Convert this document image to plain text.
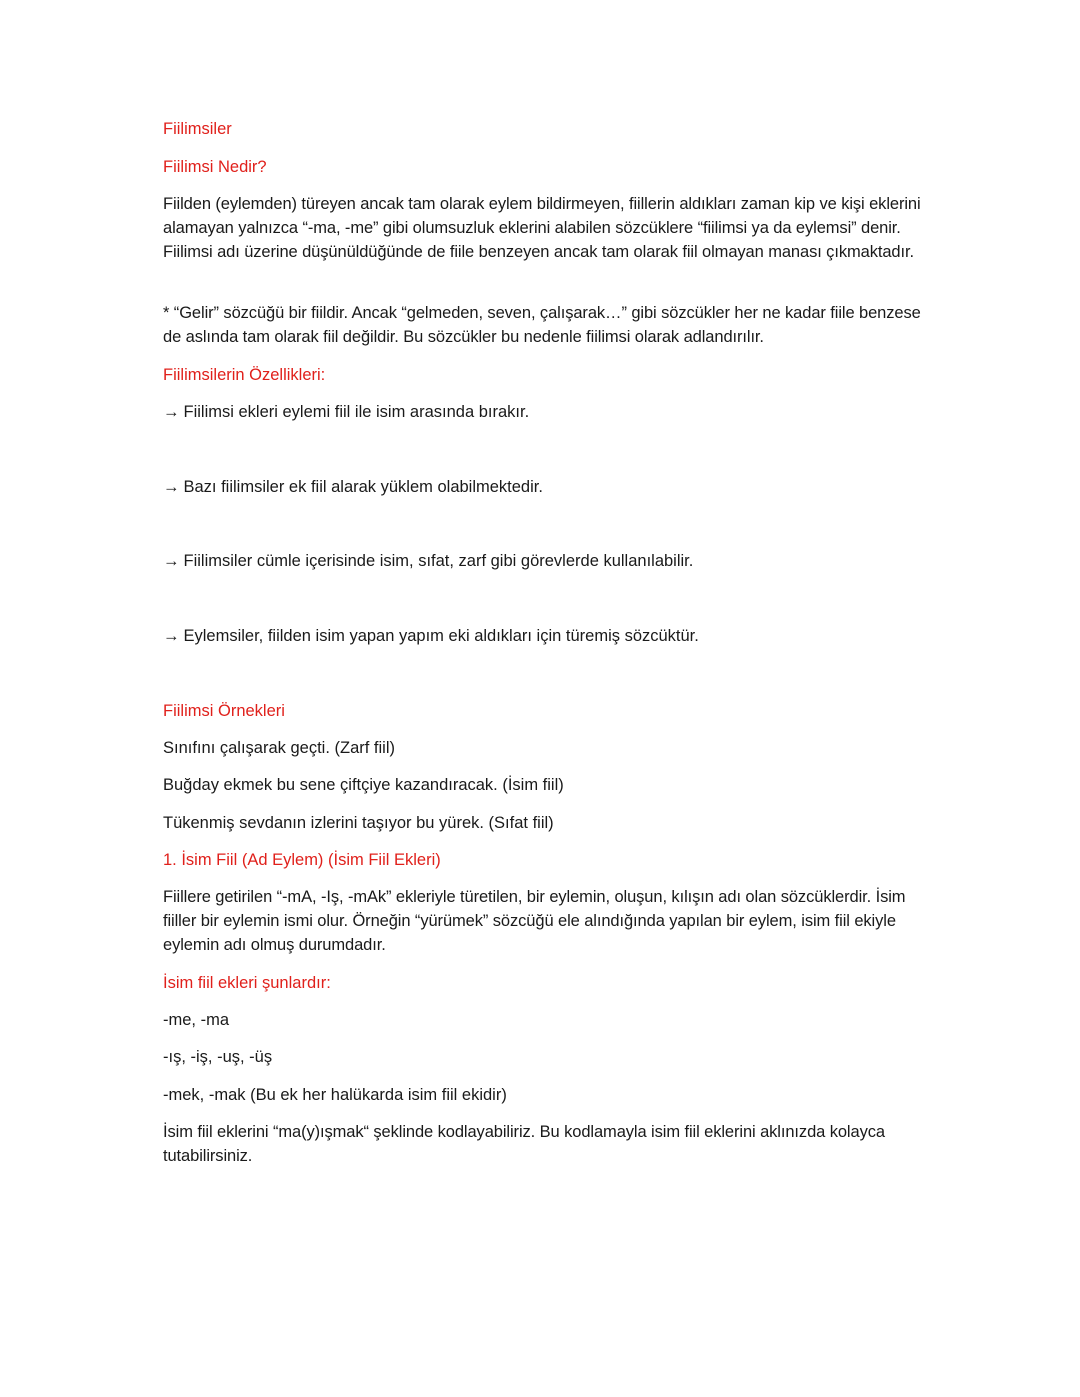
Fiilimsiler

Fiilimsi Nedir?

Fiilden (eylemden) türeyen ancak tam olarak eylem bildirmeyen, fiillerin aldıkları zaman kip ve kişi eklerini alamayan yalnızca “-ma, -me” gibi olumsuzluk eklerini alabilen sözcüklere “fiilimsi ya da eylemsi” denir. Fiilimsi adı üzerine düşünüldüğünde de fiile benzeyen ancak tam olarak fiil olmayan manası çıkmaktadır.

* “Gelir” sözcüğü bir fiildir. Ancak “gelmeden, seven, çalışarak…” gibi sözcükler her ne kadar fiile benzese de aslında tam olarak fiil değildir. Bu sözcükler bu nedenle fiilimsi olarak adlandırılır.

Fiilimsilerin Özellikleri:

→ Fiilimsi ekleri eylemi fiil ile isim arasında bırakır.

→ Bazı fiilimsiler ek fiil alarak yüklem olabilmektedir.

→ Fiilimsiler cümle içerisinde isim, sıfat, zarf gibi görevlerde kullanılabilir.

→ Eylemsiler, fiilden isim yapan yapım eki aldıkları için türemiş sözcüktür.

Fiilimsi Örnekleri

Sınıfını çalışarak geçti. (Zarf fiil)

Buğday ekmek bu sene çiftçiye kazandıracak. (İsim fiil)

Tükenmiş sevdanın izlerini taşıyor bu yürek. (Sıfat fiil)

1. İsim Fiil (Ad Eylem) (İsim Fiil Ekleri)

Fiillere getirilen “-mA, -Iş, -mAk” ekleriyle türetilen, bir eylemin, oluşun, kılışın adı olan sözcüklerdir. İsim fiiller bir eylemin ismi olur. Örneğin “yürümek” sözcüğü ele alındığında yapılan bir eylem, isim fiil ekiyle eylemin adı olmuş durumdadır.

İsim fiil ekleri şunlardır:

-me, -ma

-ış, -iş, -uş, -üş

-mek, -mak (Bu ek her halükarda isim fiil ekidir)

İsim fiil eklerini “ma(y)ışmak“ şeklinde kodlayabiliriz. Bu kodlamayla isim fiil eklerini aklınızda kolayca tutabilirsiniz.
